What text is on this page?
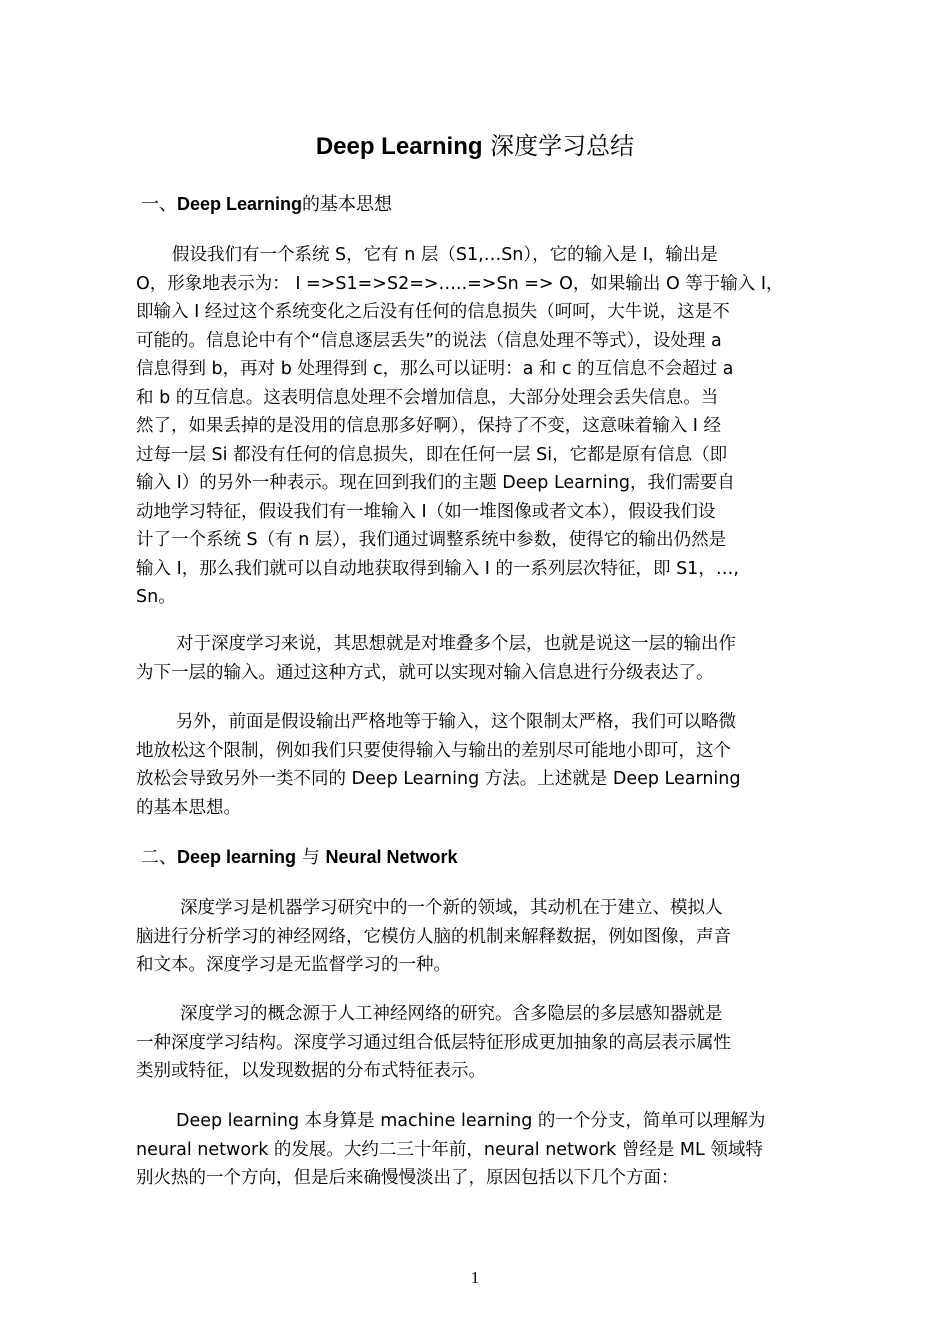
Deep Learning 深度学习总结
一、Deep Learning的基本思想
假设我们有一个系统 S，它有 n 层（S1,…Sn），它的输入是 I，输出是
O，形象地表示为： I =>S1=>S2=>…..=>Sn => O，如果输出 O 等于输入 I，
即输入 I 经过这个系统变化之后没有任何的信息损失（呵呵，大牛说，这是不
可能的。信息论中有个“信息逐层丢失”的说法（信息处理不等式），设处理 a
信息得到 b，再对 b 处理得到 c，那么可以证明：a 和 c 的互信息不会超过 a
和 b 的互信息。这表明信息处理不会增加信息，大部分处理会丢失信息。当
然了，如果丢掉的是没用的信息那多好啊），保持了不变，这意味着输入 I 经
过每一层 Si 都没有任何的信息损失，即在任何一层 Si，它都是原有信息（即
输入 I）的另外一种表示。现在回到我们的主题 Deep Learning，我们需要自
动地学习特征，假设我们有一堆输入 I（如一堆图像或者文本），假设我们设
计了一个系统 S（有 n 层），我们通过调整系统中参数，使得它的输出仍然是
输入 I，那么我们就可以自动地获取得到输入 I 的一系列层次特征，即 S1，…,
Sn。
对于深度学习来说，其思想就是对堆叠多个层，也就是说这一层的输出作
为下一层的输入。通过这种方式，就可以实现对输入信息进行分级表达了。
另外，前面是假设输出严格地等于输入，这个限制太严格，我们可以略微
地放松这个限制，例如我们只要使得输入与输出的差别尽可能地小即可，这个
放松会导致另外一类不同的 Deep Learning 方法。上述就是 Deep Learning
的基本思想。
二、Deep learning 与 Neural Network
深度学习是机器学习研究中的一个新的领域，其动机在于建立、模拟人
脑进行分析学习的神经网络，它模仿人脑的机制来解释数据，例如图像，声音
和文本。深度学习是无监督学习的一种。
深度学习的概念源于人工神经网络的研究。含多隐层的多层感知器就是
一种深度学习结构。深度学习通过组合低层特征形成更加抽象的高层表示属性
类别或特征，以发现数据的分布式特征表示。
Deep learning 本身算是 machine learning 的一个分支，简单可以理解为
neural network 的发展。大约二三十年前，neural network 曾经是 ML 领域特
别火热的一个方向，但是后来确慢慢淡出了，原因包括以下几个方面：
1
